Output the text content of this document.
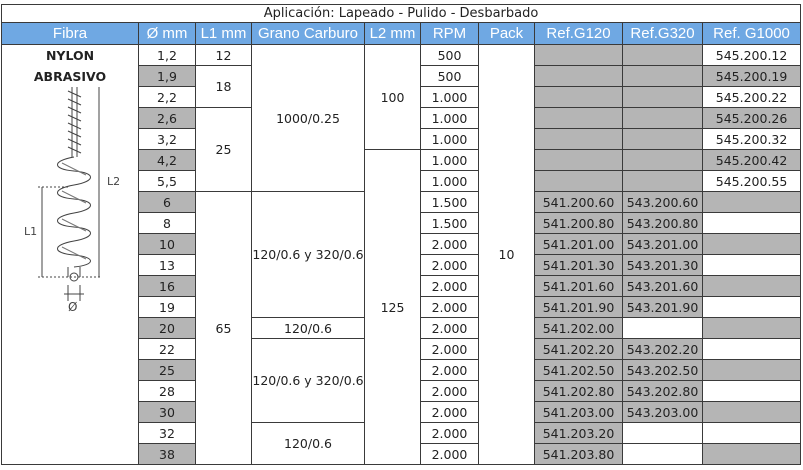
Aplicación: Lapeado - Pulido - Desbarbado									
Fibra	Ø mm	L1 mm	Grano Carburo	L2 mm	RPM	Pack	Ref.G120	Ref.G320	Ref. G1000
NYLON	1,2	12	1000/0.25	100	500	10			545.200.12
ABRASIVO	1,9	18			500				545.200.19

L2
L1
Ø	2,2				1.000				545.200.22
	2,6	25			1.000				545.200.26
	3,2				1.000				545.200.32
	4,2			125	1.000				545.200.42
	5,5				1.000				545.200.55
	6	65	120/0.6 y 320/0.6		1.500		541.200.60	543.200.60	
	8				1.500		541.200.80	543.200.80	
	10				2.000		541.201.00	543.201.00	
	13				2.000		541.201.30	543.201.30	
	16				2.000		541.201.60	543.201.60	
	19				2.000		541.201.90	543.201.90	
	20		120/0.6		2.000		541.202.00		
	22		120/0.6 y 320/0.6		2.000		541.202.20	543.202.20	
	25				2.000		541.202.50	543.202.50	
	28				2.000		541.202.80	543.202.80	
	30				2.000		541.203.00	543.203.00	
	32		120/0.6		2.000		541.203.20		
	38				2.000		541.203.80		
